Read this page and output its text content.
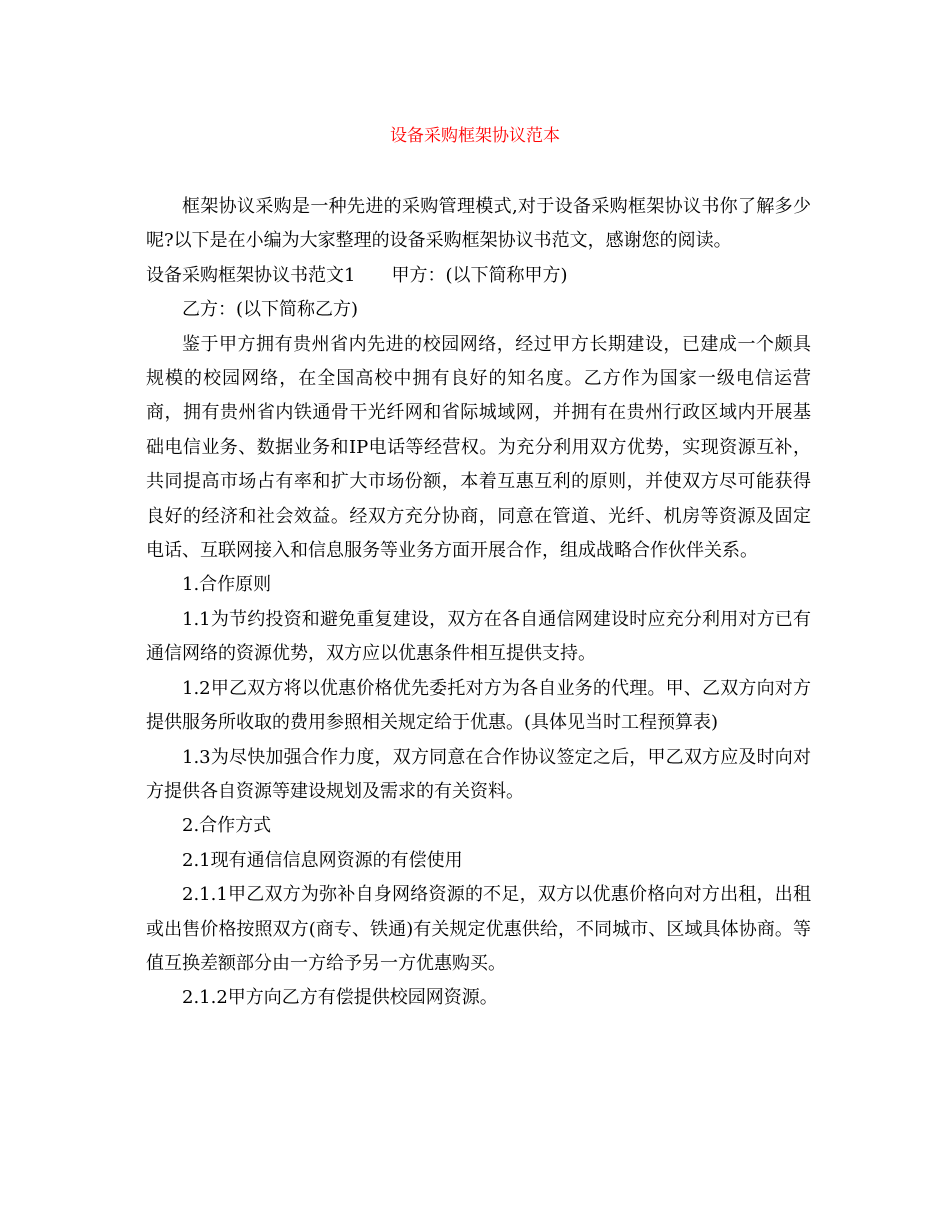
设备采购框架协议范本

框架协议采购是一种先进的采购管理模式,对于设备采购框架协议书你了解多少呢?以下是在小编为大家整理的设备采购框架协议书范文，感谢您的阅读。

设备采购框架协议书范文1 甲方：(以下简称甲方)

乙方：(以下简称乙方)

鉴于甲方拥有贵州省内先进的校园网络，经过甲方长期建设，已建成一个颇具规模的校园网络，在全国高校中拥有良好的知名度。乙方作为国家一级电信运营商，拥有贵州省内铁通骨干光纤网和省际城域网，并拥有在贵州行政区域内开展基础电信业务、数据业务和IP电话等经营权。为充分利用双方优势，实现资源互补，共同提高市场占有率和扩大市场份额，本着互惠互利的原则，并使双方尽可能获得良好的经济和社会效益。经双方充分协商，同意在管道、光纤、机房等资源及固定电话、互联网接入和信息服务等业务方面开展合作，组成战略合作伙伴关系。

1.合作原则

1.1为节约投资和避免重复建设，双方在各自通信网建设时应充分利用对方已有通信网络的资源优势，双方应以优惠条件相互提供支持。

1.2甲乙双方将以优惠价格优先委托对方为各自业务的代理。甲、乙双方向对方提供服务所收取的费用参照相关规定给于优惠。(具体见当时工程预算表)

1.3为尽快加强合作力度，双方同意在合作协议签定之后，甲乙双方应及时向对方提供各自资源等建设规划及需求的有关资料。

2.合作方式

2.1现有通信信息网资源的有偿使用

2.1.1甲乙双方为弥补自身网络资源的不足，双方以优惠价格向对方出租，出租或出售价格按照双方(商专、铁通)有关规定优惠供给，不同城市、区域具体协商。等值互换差额部分由一方给予另一方优惠购买。

2.1.2甲方向乙方有偿提供校园网资源。
